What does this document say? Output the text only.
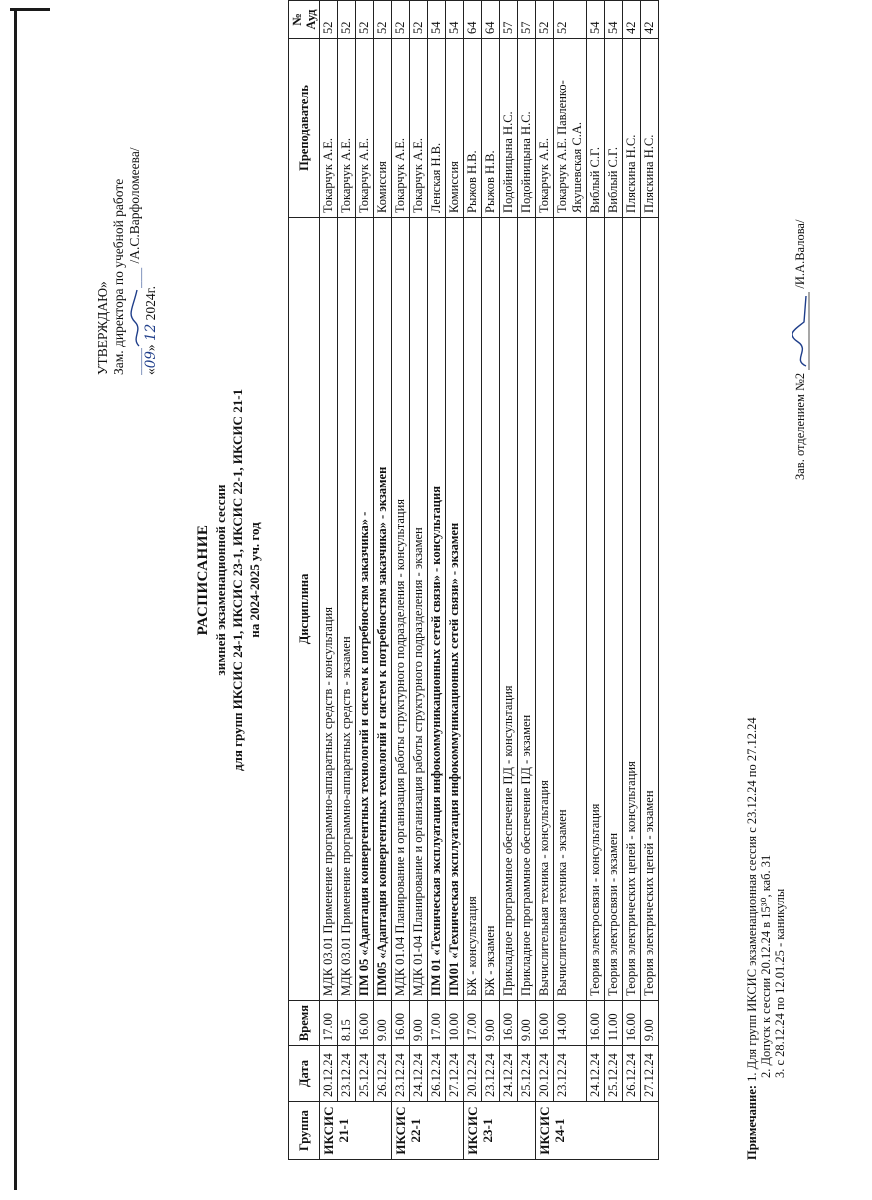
УТВЕРЖДАЮ» Зам. директора по учебной работе _______ /А.С.Варфоломеева/
«09» 12 2024г.
РАСПИСАНИЕ зимней экзаменационной сессии для групп ИКСИС 24-1, ИКСИС 23-1, ИКСИС 22-1, ИКСИС 21-1 на 2024-2025 уч. год
Группа	Дата	Время	Дисциплина	Преподаватель	№ Ауд
ИКСИС 21-1	20.12.24	17.00	МДК 03.01 Применение программно-аппаратных средств - консультация	Токарчук А.Е.	52
	23.12.24	8.15	МДК 03.01 Применение программно-аппаратных средств - экзамен	Токарчук А.Е.	52
	25.12.24	16.00	ПМ 05 «Адаптация конвергентных технологий и систем к потребностям заказчика» -	Токарчук А.Е.	52
	26.12.24	9.00	ПМ05 «Адаптация конвергентных технологий и систем к потребностям заказчика» - экзамен	Комиссия	52
ИКСИС 22-1	23.12.24	16.00	МДК 01.04 Планирование и организация работы структурного подразделения - консультация	Токарчук А.Е.	52
	24.12.24	9.00	МДК 01-04 Планирование и организация работы структурного подразделения - экзамен	Токарчук А.Е.	52
	26.12.24	17.00	ПМ 01 «Техническая эксплуатация инфокоммуникационных сетей связи» - консультация	Ленская Н.В.	54
	27.12.24	10.00	ПМ01 «Техническая эксплуатация инфокоммуникационных сетей связи» - экзамен	Комиссия	54
ИКСИС 23-1	20.12.24	17.00	БЖ - консультация	Рыжов Н.В.	64
	23.12.24	9.00	БЖ - экзамен	Рыжов Н.В.	64
	24.12.24	16.00	Прикладное программное обеспечение ПД - консультация	Подойницына Н.С.	57
	25.12.24	9.00	Прикладное программное обеспечение ПД - экзамен	Подойницына Н.С.	57
ИКСИС 24-1	20.12.24	16.00	Вычислительная техника - консультация	Токарчук А.Е.	52
	23.12.24	14.00	Вычислительная техника - экзамен	Токарчук А.Е. Павленко-Якушевская С.А.	52
	24.12.24	16.00	Теория электросвязи - консультация	Виблый С.Г.	54
	25.12.24	11.00	Теория электросвязи - экзамен	Виблый С.Г.	54
	26.12.24	16.00	Теория электрических цепей - консультация	Пляскина Н.С.	42
	27.12.24	9.00	Теория электрических цепей - экзамен	Пляскина Н.С.	42
Примечание: 1. Для групп ИКСИС экзаменационная сессия с 23.12.24 по 27.12.24 2. Допуск к сессии 20.12.24 в 15³⁰, каб. 31 3. с 28.12.24 по 12.01.25 - каникулы
Зав. отделением №2  /И.А.Валова/
